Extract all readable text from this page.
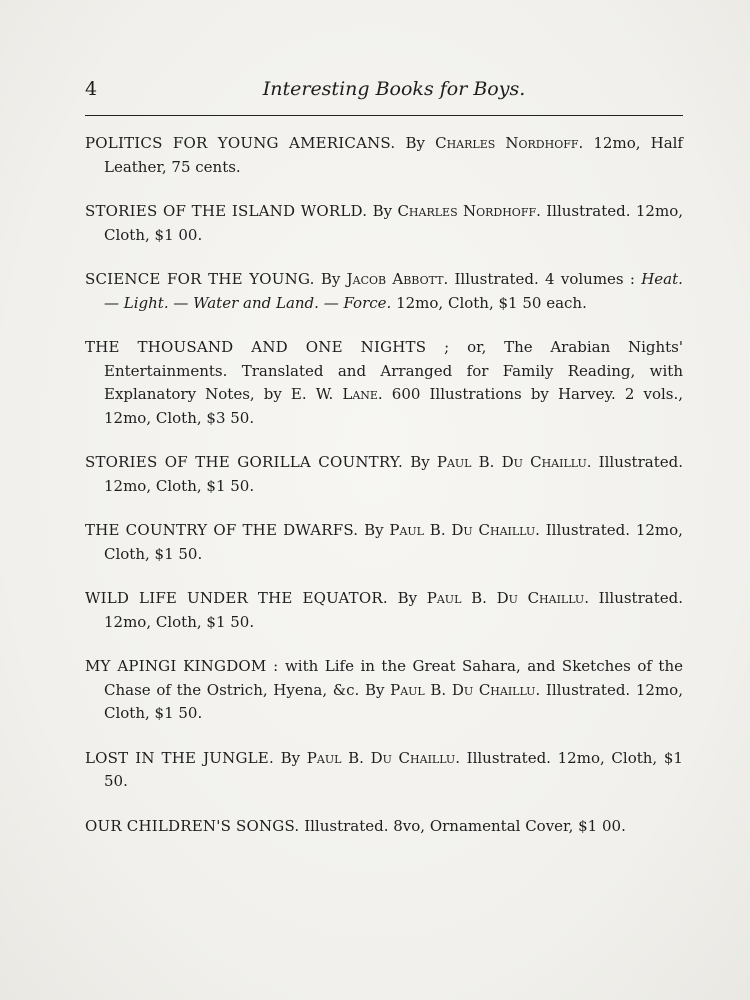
4	Interesting Books for Boys.

POLITICS FOR YOUNG AMERICANS. By Charles Nordhoff. 12mo, Half Leather, 75 cents.

STORIES OF THE ISLAND WORLD. By Charles Nordhoff. Illustrated. 12mo, Cloth, $1 00.

SCIENCE FOR THE YOUNG. By Jacob Abbott. Illustrated. 4 volumes : Heat. — Light. — Water and Land. — Force. 12mo, Cloth, $1 50 each.

THE THOUSAND AND ONE NIGHTS ; or, The Arabian Nights' Entertainments. Translated and Arranged for Family Reading, with Explanatory Notes, by E. W. Lane. 600 Illustrations by Harvey. 2 vols., 12mo, Cloth, $3 50.

STORIES OF THE GORILLA COUNTRY. By Paul B. Du Chaillu. Illustrated. 12mo, Cloth, $1 50.

THE COUNTRY OF THE DWARFS. By Paul B. Du Chaillu. Illustrated. 12mo, Cloth, $1 50.

WILD LIFE UNDER THE EQUATOR. By Paul B. Du Chaillu. Illustrated. 12mo, Cloth, $1 50.

MY APINGI KINGDOM : with Life in the Great Sahara, and Sketches of the Chase of the Ostrich, Hyena, &c. By Paul B. Du Chaillu. Illustrated. 12mo, Cloth, $1 50.

LOST IN THE JUNGLE. By Paul B. Du Chaillu. Illustrated. 12mo, Cloth, $1 50.

OUR CHILDREN'S SONGS. Illustrated. 8vo, Ornamental Cover, $1 00.
